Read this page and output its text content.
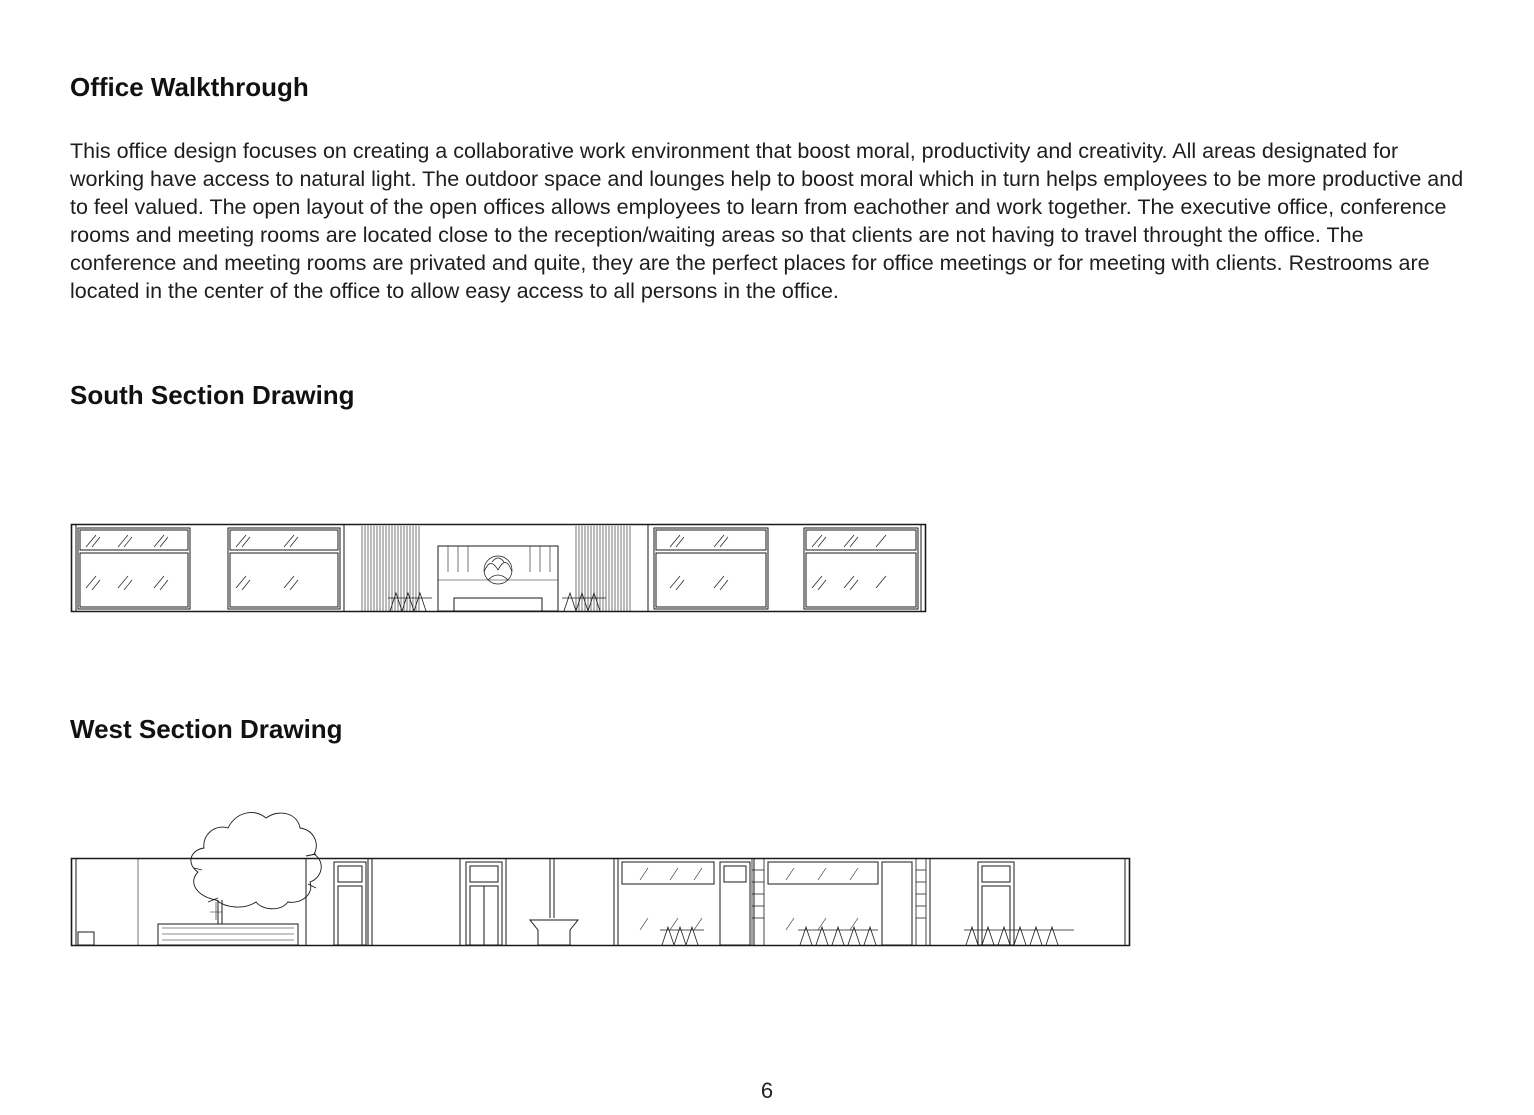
Office Walkthrough

This office design focuses on creating a collaborative work environment that boost moral, productivity and creativity. All areas designated for working have access to natural light. The outdoor space and lounges help to boost moral which in turn helps employees to be more productive and to feel valued. The open layout of the open offices allows employees to learn from eachother and work together. The executive office, conference rooms and meeting rooms are located close to the reception/waiting areas so that clients are not having to travel throught the office. The conference and meeting rooms are privated and quite, they are the perfect places for office meetings or for meeting with clients. Restrooms are located in the center of the office to allow easy access to all persons in the office.

South Section Drawing
West Section Drawing
6
